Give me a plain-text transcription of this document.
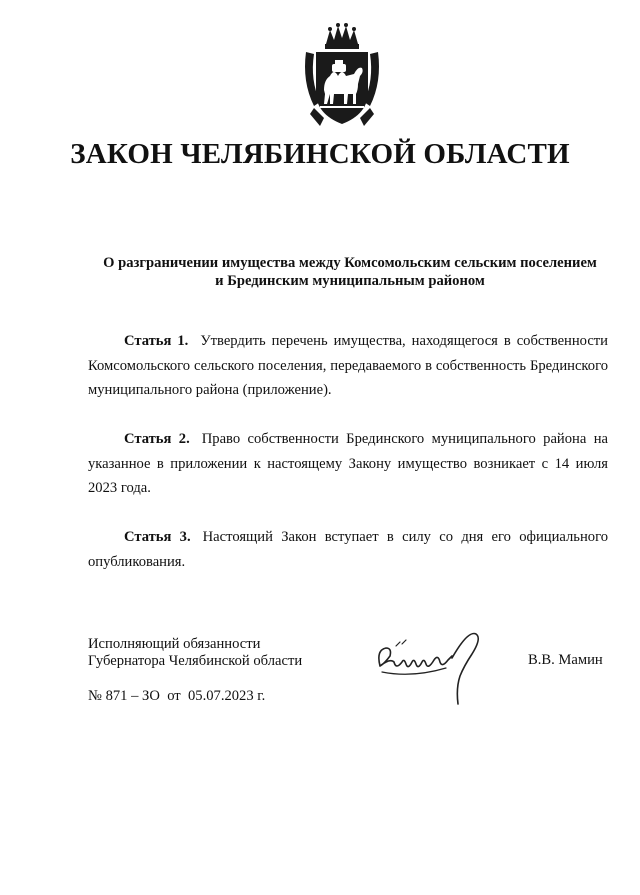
ЗАКОН ЧЕЛЯБИНСКОЙ ОБЛАСТИ

О разграничении имущества между Комсомольским сельским поселением
и Брединским муниципальным районом

Статья 1. Утвердить перечень имущества, находящегося в собственности Комсомольского сельского поселения, передаваемого в собственность Брединского муниципального района (приложение).

Статья 2. Право собственности Брединского муниципального района на указанное в приложении к настоящему Закону имущество возникает с 14 июля 2023 года.

Статья 3. Настоящий Закон вступает в силу со дня его официального опубликования.

Исполняющий обязанности
Губернатора Челябинской области	В.В. Мамин
№ 871 – ЗО  от  05.07.2023 г.
